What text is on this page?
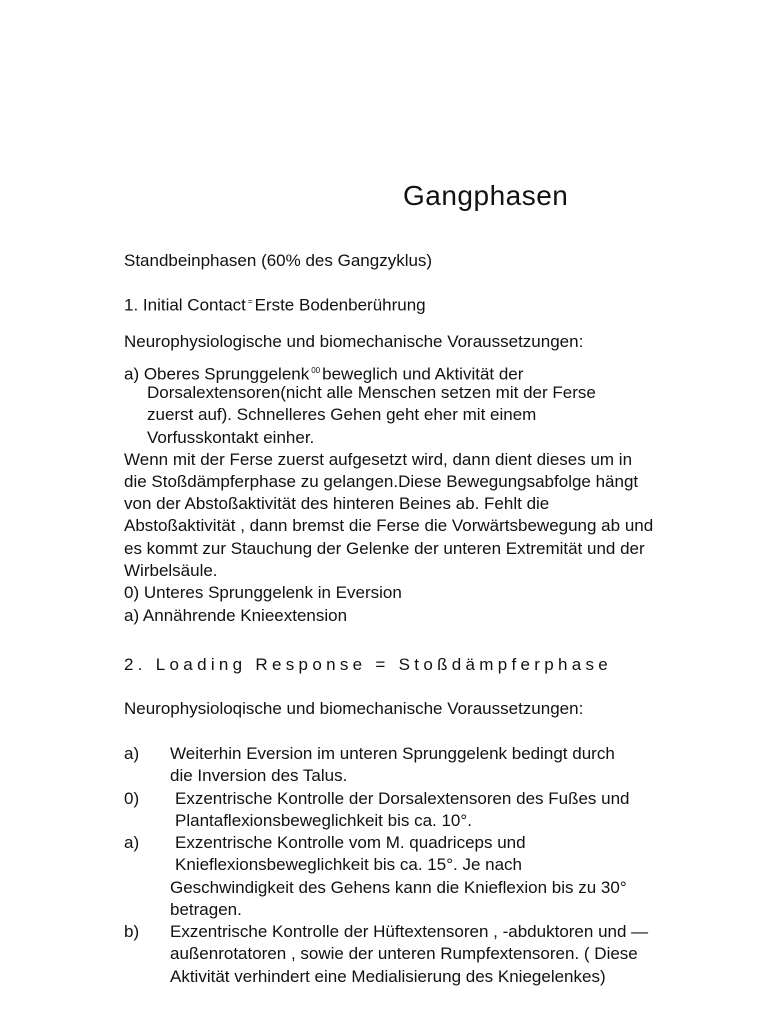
Gangphasen
Standbeinphasen (60% des Gangzyklus)
1. Initial Contact = Erste Bodenberührung
Neurophysiologische und biomechanische Voraussetzungen:
a) Oberes Sprunggelenk $^{00}$ beweglich und Aktivität der
Dorsalextensoren(nicht alle Menschen setzen mit der Ferse
zuerst auf). Schnelleres Gehen geht eher mit einem
Vorfusskontakt einher.
Wenn mit der Ferse zuerst aufgesetzt wird, dann dient dieses um in
die Stoßdämpferphase zu gelangen.Diese Bewegungsabfolge hängt
von der Abstoßaktivität des hinteren Beines ab. Fehlt die
Abstoßaktivität , dann bremst die Ferse die Vorwärtsbewegung ab und
es kommt zur Stauchung der Gelenke der unteren Extremität und der
Wirbelsäule.
0) Unteres Sprunggelenk in Eversion
a) Annährende Knieextension
2. Loading Response = Stoßdämpferphase
Neurophysioloqische und biomechanische Voraussetzungen:
a) Weiterhin Eversion im unteren Sprunggelenk bedingt durch
die Inversion des Talus.
0) Exzentrische Kontrolle der Dorsalextensoren des Fußes und
Plantaflexionsbeweglichkeit bis ca. 10°.
a) Exzentrische Kontrolle vom M. quadriceps und
Knieflexionsbeweglichkeit bis ca. 15°. Je nach
Geschwindigkeit des Gehens kann die Knieflexion bis zu 30°
betragen.
b) Exzentrische Kontrolle der Hüftextensoren , -abduktoren und —
außenrotatoren , sowie der unteren Rumpfextensoren. ( Diese
Aktivität verhindert eine Medialisierung des Kniegelenkes)
